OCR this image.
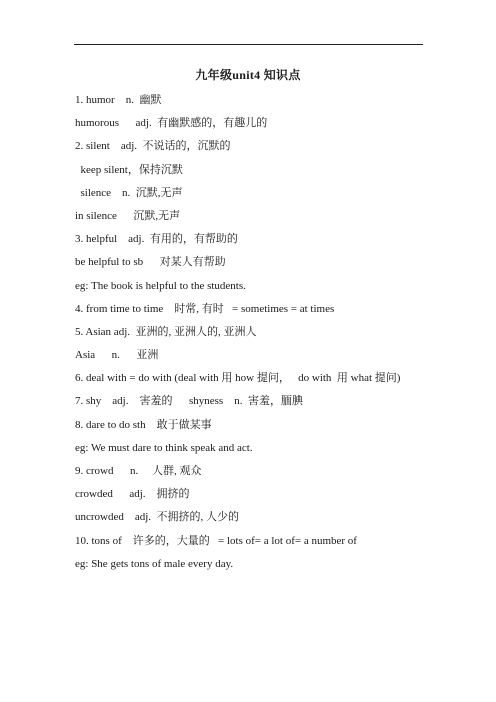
九年级unit4 知识点
1. humor    n.  幽默
humorous      adj.  有幽默感的，有趣儿的
2. silent    adj.  不说话的，沉默的
keep silent，保持沉默
silence    n.  沉默,无声
in silence      沉默,无声
3. helpful    adj.  有用的，有帮助的
be helpful to sb      对某人有帮助
eg: The book is helpful to the students.
4. from time to time    时常, 有时   = sometimes = at times
5. Asian adj.  亚洲的, 亚洲人的, 亚洲人
Asia      n.      亚洲
6. deal with = do with (deal with 用 how 提问，   do with  用 what 提问)
7. shy    adj.    害羞的      shyness    n.  害羞，腼腆
8. dare to do sth    敢于做某事
eg: We must dare to think speak and act.
9. crowd      n.     人群, 观众
crowded      adj.    拥挤的
uncrowded    adj.  不拥挤的, 人少的
10. tons of    许多的，大量的   = lots of= a lot of= a number of
eg: She gets tons of male every day.
